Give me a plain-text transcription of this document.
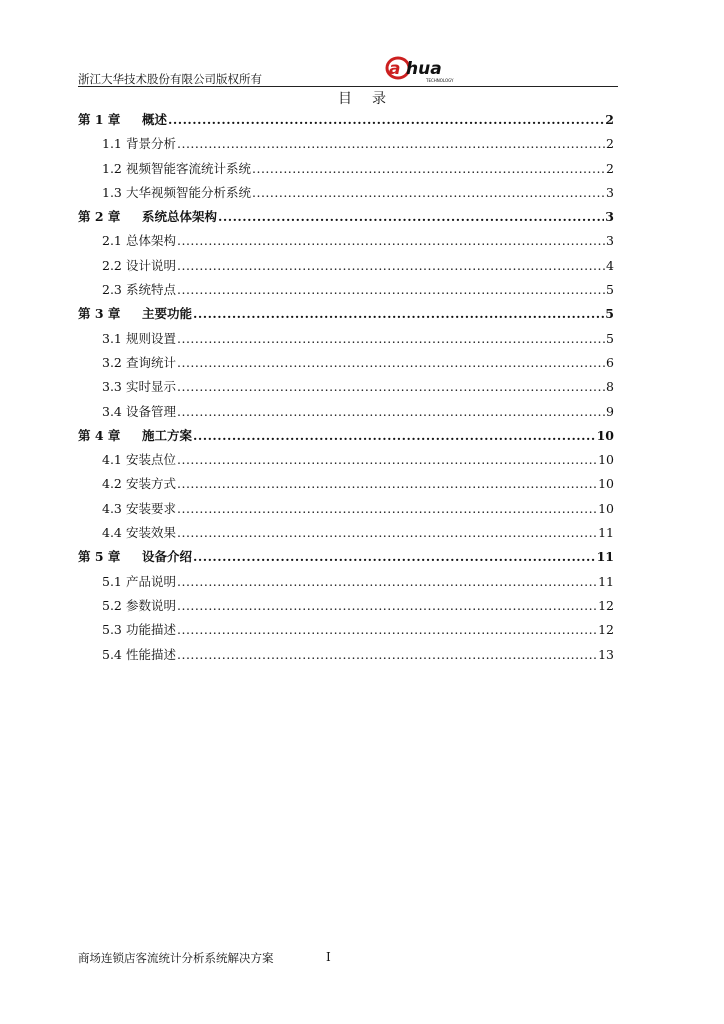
浙江大华技术股份有限公司版权所有	a hua
TECHNOLOGY
目录
第 1 章	概述 .....	2
1.1 背景分析 .....	2
1.2 视频智能客流统计系统 .....	2
1.3 大华视频智能分析系统 .....	3
第 2 章	系统总体架构 .....	3
2.1 总体架构 .....	3
2.2 设计说明 .....	4
2.3 系统特点 .....	5
第 3 章	主要功能 .....	5
3.1 规则设置 .....	5
3.2 查询统计 .....	6
3.3 实时显示 .....	8
3.4 设备管理 .....	9
第 4 章	施工方案 .....	10
4.1 安装点位 .....	10
4.2 安装方式 .....	10
4.3 安装要求 .....	10
4.4 安装效果 .....	11
第 5 章	设备介绍 .....	11
5.1 产品说明 .....	11
5.2 参数说明 .....	12
5.3 功能描述 .....	12
5.4 性能描述 .....	13
商场连锁店客流统计分析系统解决方案	I
